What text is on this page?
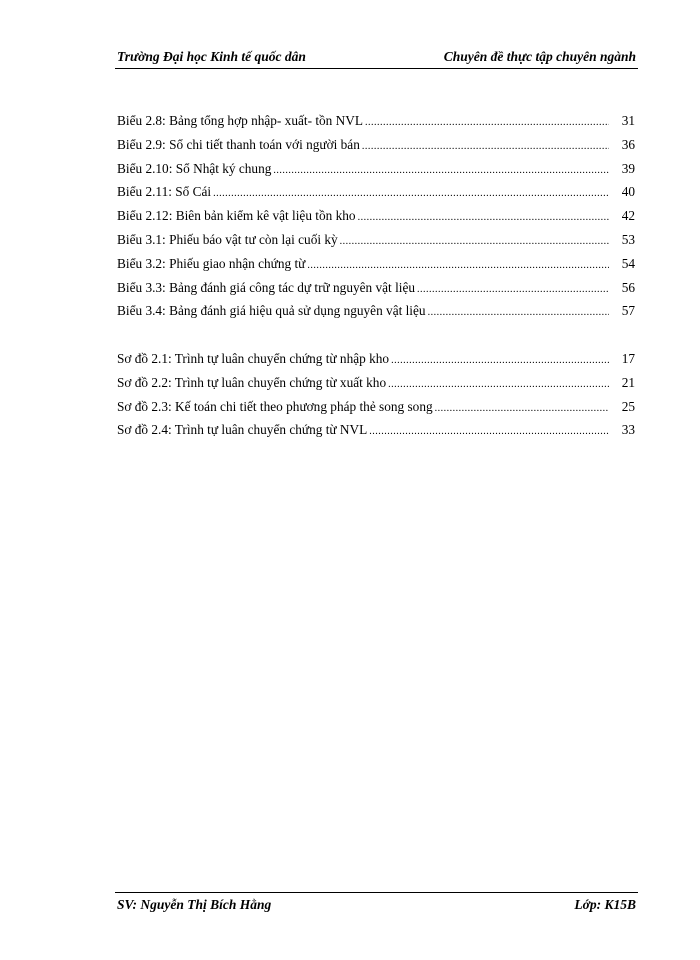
Trường Đại học Kinh tế quốc dân	Chuyên đề thực tập chuyên ngành
Biểu 2.8: Bảng tổng hợp nhập- xuất- tồn NVL .....	31
Biểu 2.9: Sổ chi tiết thanh toán với người bán .....	36
Biểu 2.10: Sổ Nhật ký chung .....	39
Biểu 2.11: Sổ Cái .....	40
Biểu 2.12: Biên bản kiểm kê vật liệu tồn kho .....	42
Biểu 3.1: Phiếu báo vật tư còn lại cuối kỳ .....	53
Biểu 3.2: Phiếu giao nhận chứng từ .....	54
Biểu 3.3: Bảng đánh giá công tác dự trữ nguyên vật liệu .....	56
Biểu 3.4: Bảng đánh giá hiệu quả sử dụng nguyên vật liệu .....	57
Sơ đồ 2.1: Trình tự luân chuyển chứng từ nhập kho .....	17
Sơ đồ 2.2: Trình tự luân chuyển chứng từ xuất kho .....	21
Sơ đồ 2.3: Kế toán chi tiết theo phương pháp thẻ song song .....	25
Sơ đồ 2.4: Trình tự luân chuyển chứng từ NVL .....	33
SV: Nguyễn Thị Bích Hằng	Lớp: K15B
